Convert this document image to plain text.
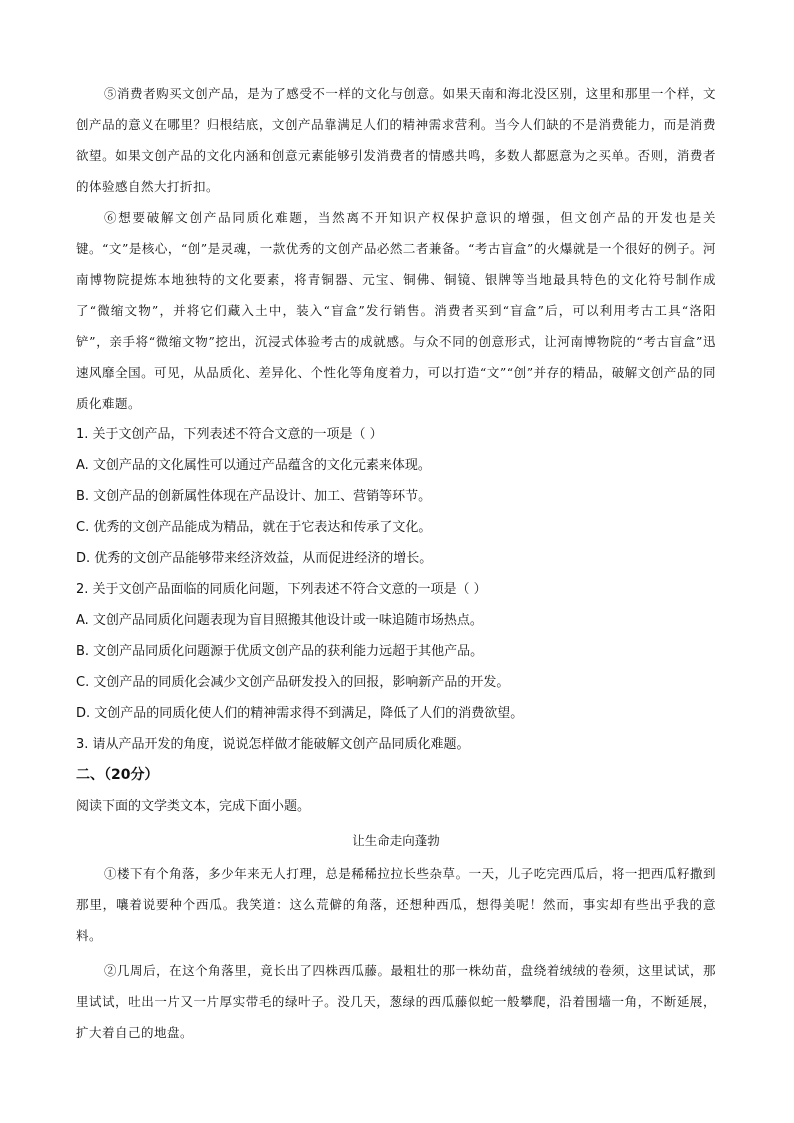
⑤消费者购买文创产品，是为了感受不一样的文化与创意。如果天南和海北没区别，这里和那里一个样，文创产品的意义在哪里？归根结底，文创产品靠满足人们的精神需求营利。当今人们缺的不是消费能力，而是消费欲望。如果文创产品的文化内涵和创意元素能够引发消费者的情感共鸣，多数人都愿意为之买单。否则，消费者的体验感自然大打折扣。

⑥想要破解文创产品同质化难题，当然离不开知识产权保护意识的增强，但文创产品的开发也是关键。“文”是核心，“创”是灵魂，一款优秀的文创产品必然二者兼备。“考古盲盒”的火爆就是一个很好的例子。河南博物院提炼本地独特的文化要素，将青铜器、元宝、铜佛、铜镜、银牌等当地最具特色的文化符号制作成了“微缩文物”，并将它们藏入土中，装入“盲盒”发行销售。消费者买到“盲盒”后，可以利用考古工具“洛阳铲”，亲手将“微缩文物”挖出，沉浸式体验考古的成就感。与众不同的创意形式，让河南博物院的“考古盲盒”迅速风靡全国。可见，从品质化、差异化、个性化等角度着力，可以打造“文”“创”并存的精品，破解文创产品的同质化难题。

1. 关于文创产品，下列表述不符合文意的一项是（ ）

A. 文创产品的文化属性可以通过产品蕴含的文化元素来体现。

B. 文创产品的创新属性体现在产品设计、加工、营销等环节。

C. 优秀的文创产品能成为精品，就在于它表达和传承了文化。

D. 优秀的文创产品能够带来经济效益，从而促进经济的增长。

2. 关于文创产品面临的同质化问题，下列表述不符合文意的一项是（ ）

A. 文创产品同质化问题表现为盲目照搬其他设计或一味追随市场热点。

B. 文创产品同质化问题源于优质文创产品的获利能力远超于其他产品。

C. 文创产品的同质化会减少文创产品研发投入的回报，影响新产品的开发。

D. 文创产品的同质化使人们的精神需求得不到满足，降低了人们的消费欲望。

3. 请从产品开发的角度，说说怎样做才能破解文创产品同质化难题。

二、（20分）

阅读下面的文学类文本，完成下面小题。

让生命走向蓬勃

①楼下有个角落，多少年来无人打理，总是稀稀拉拉长些杂草。一天，儿子吃完西瓜后，将一把西瓜籽撒到那里，嚷着说要种个西瓜。我笑道：这么荒僻的角落，还想种西瓜，想得美呢！然而，事实却有些出乎我的意料。

②几周后，在这个角落里，竟长出了四株西瓜藤。最粗壮的那一株幼苗，盘绕着绒绒的卷须，这里试试，那里试试，吐出一片又一片厚实带毛的绿叶子。没几天，葱绿的西瓜藤似蛇一般攀爬，沿着围墙一角，不断延展，扩大着自己的地盘。
